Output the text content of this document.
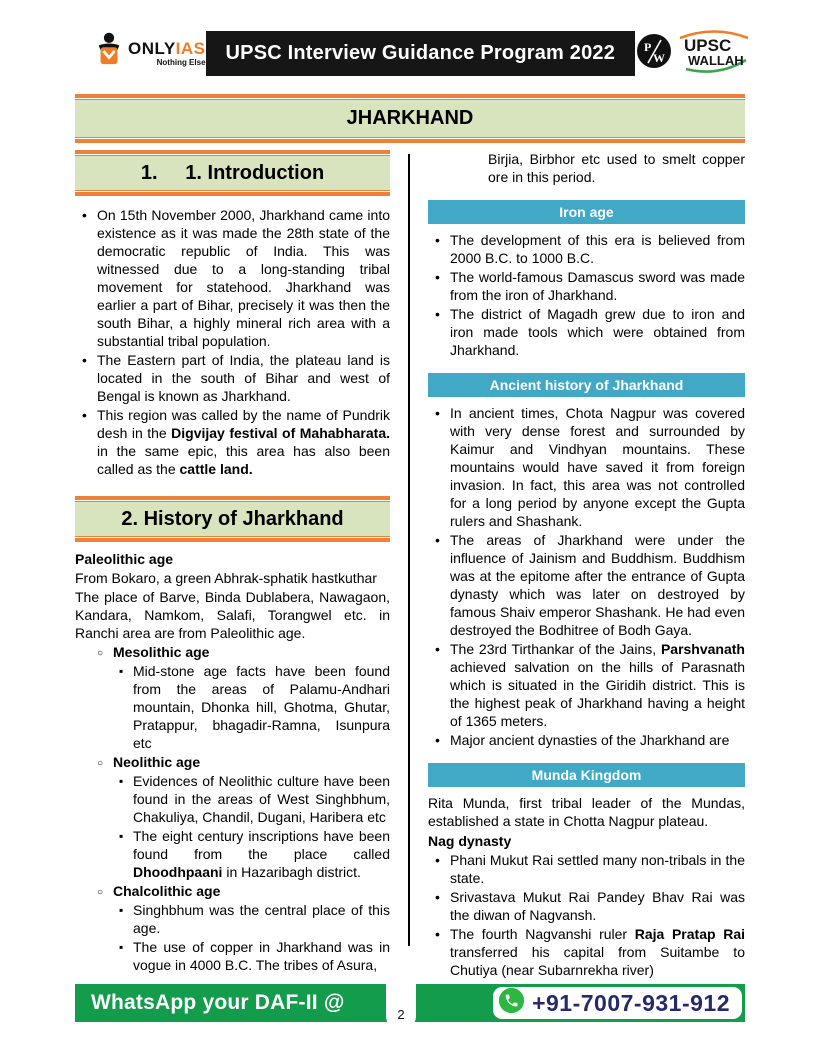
ONLYIAS
Nothing Else	UPSC Interview Guidance Program 2022	P
W
UPSC
WALLAH
JHARKHAND
1.     1. Introduction
• On 15th November 2000, Jharkhand came into existence as it was made the 28th state of the democratic republic of India. This was witnessed due to a long-standing tribal movement for statehood. Jharkhand was earlier a part of Bihar, precisely it was then the south Bihar, a highly mineral rich area with a substantial tribal population.
• The Eastern part of India, the plateau land is located in the south of Bihar and west of Bengal is known as Jharkhand.
• This region was called by the name of Pundrik desh in the Digvijay festival of Mahabharata. in the same epic, this area has also been called as the cattle land.
2. History of Jharkhand
Paleolithic age
From Bokaro, a green Abhrak-sphatik hastkuthar
The place of Barve, Binda Dublabera, Nawagaon, Kandara, Namkom, Salafi, Torangwel etc. in Ranchi area are from Paleolithic age.
○ Mesolithic age
▪ Mid-stone age facts have been found from the areas of Palamu-Andhari mountain, Dhonka hill, Ghotma, Ghutar, Pratappur, bhagadir-Ramna, Isunpura etc
○ Neolithic age
▪ Evidences of Neolithic culture have been found in the areas of West Singhbhum, Chakuliya, Chandil, Dugani, Haribera etc
▪ The eight century inscriptions have been found from the place called Dhoodhpaani in Hazaribagh district.
○ Chalcolithic age
▪ Singhbhum was the central place of this age.
▪ The use of copper in Jharkhand was in vogue in 4000 B.C. The tribes of Asura,
Birjia, Birbhor etc used to smelt copper ore in this period.
Iron age
• The development of this era is believed from 2000 B.C. to 1000 B.C.
• The world-famous Damascus sword was made from the iron of Jharkhand.
• The district of Magadh grew due to iron and iron made tools which were obtained from Jharkhand.
Ancient history of Jharkhand
• In ancient times, Chota Nagpur was covered with very dense forest and surrounded by Kaimur and Vindhyan mountains. These mountains would have saved it from foreign invasion. In fact, this area was not controlled for a long period by anyone except the Gupta rulers and Shashank.
• The areas of Jharkhand were under the influence of Jainism and Buddhism. Buddhism was at the epitome after the entrance of Gupta dynasty which was later on destroyed by famous Shaiv emperor Shashank. He had even destroyed the Bodhitree of Bodh Gaya.
• The 23rd Tirthankar of the Jains, Parshvanath achieved salvation on the hills of Parasnath which is situated in the Giridih district. This is the highest peak of Jharkhand having a height of 1365 meters.
• Major ancient dynasties of the Jharkhand are
Munda Kingdom
Rita Munda, first tribal leader of the Mundas, established a state in Chotta Nagpur plateau.
Nag dynasty
• Phani Mukut Rai settled many non-tribals in the state.
• Srivastava Mukut Rai Pandey Bhav Rai was the diwan of Nagvansh.
• The fourth Nagvanshi ruler Raja Pratap Rai transferred his capital from Suitambe to Chutiya (near Subarnrekha river)
WhatsApp your DAF-II @
2	+91-7007-931-912
